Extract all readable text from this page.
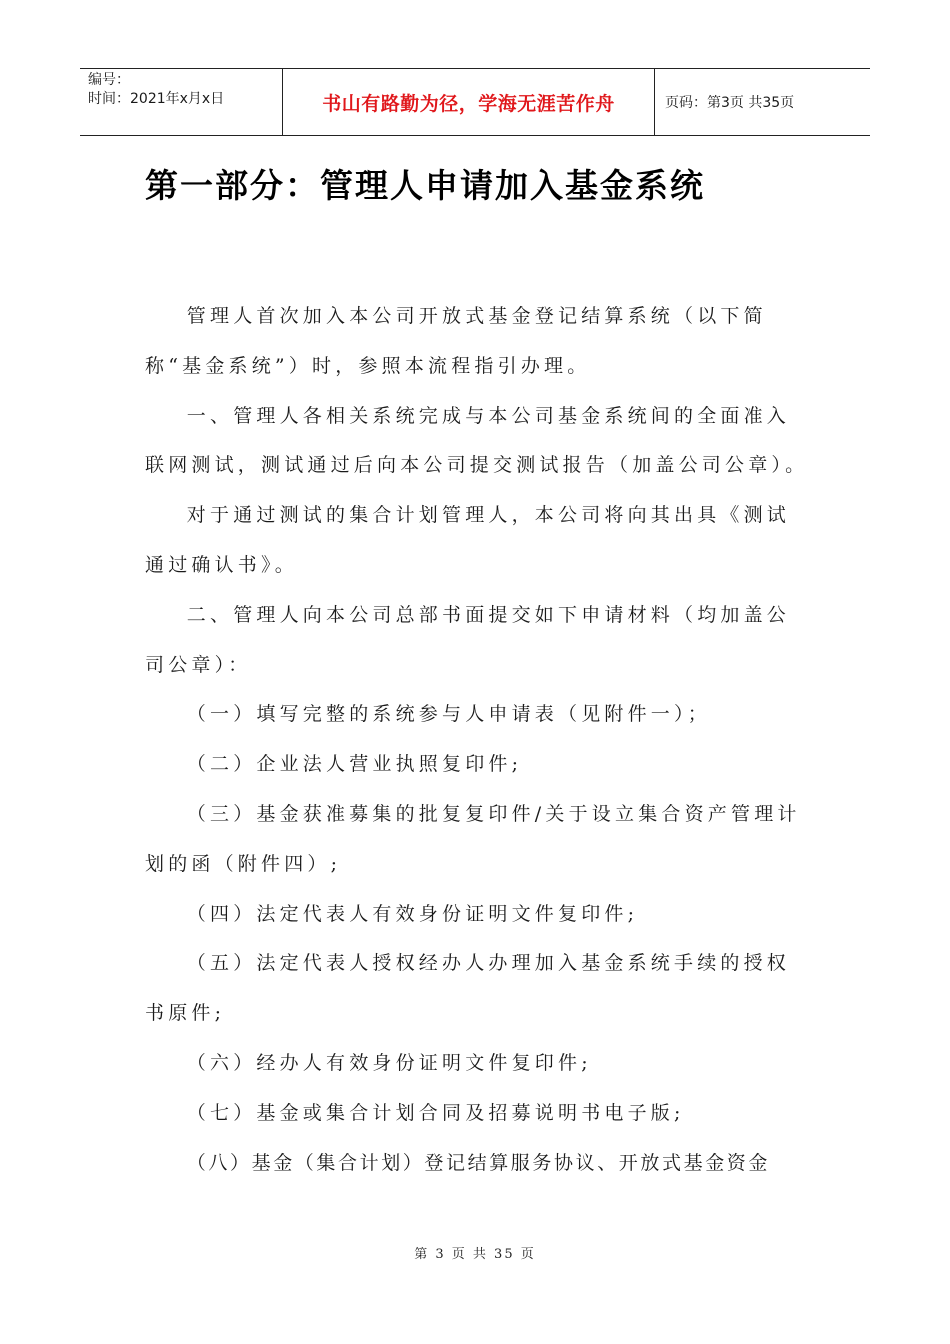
编号：
时间：2021年x月x日	书山有路勤为径，学海无涯苦作舟	页码：第3页 共35页
第一部分：管理人申请加入基金系统

管理人首次加入本公司开放式基金登记结算系统（以下简称“基金系统”）时，参照本流程指引办理。

一、管理人各相关系统完成与本公司基金系统间的全面准入联网测试，测试通过后向本公司提交测试报告（加盖公司公章）。

对于通过测试的集合计划管理人，本公司将向其出具《测试通过确认书》。

二、管理人向本公司总部书面提交如下申请材料（均加盖公司公章）：

（一）填写完整的系统参与人申请表（见附件一）；

（二）企业法人营业执照复印件;

（三）基金获准募集的批复复印件/关于设立集合资产管理计划的函（附件四）;

（四）法定代表人有效身份证明文件复印件;

（五）法定代表人授权经办人办理加入基金系统手续的授权书原件;

（六）经办人有效身份证明文件复印件;

（七）基金或集合计划合同及招募说明书电子版;

（八）基金（集合计划）登记结算服务协议、开放式基金资金

第 3 页 共 35 页
